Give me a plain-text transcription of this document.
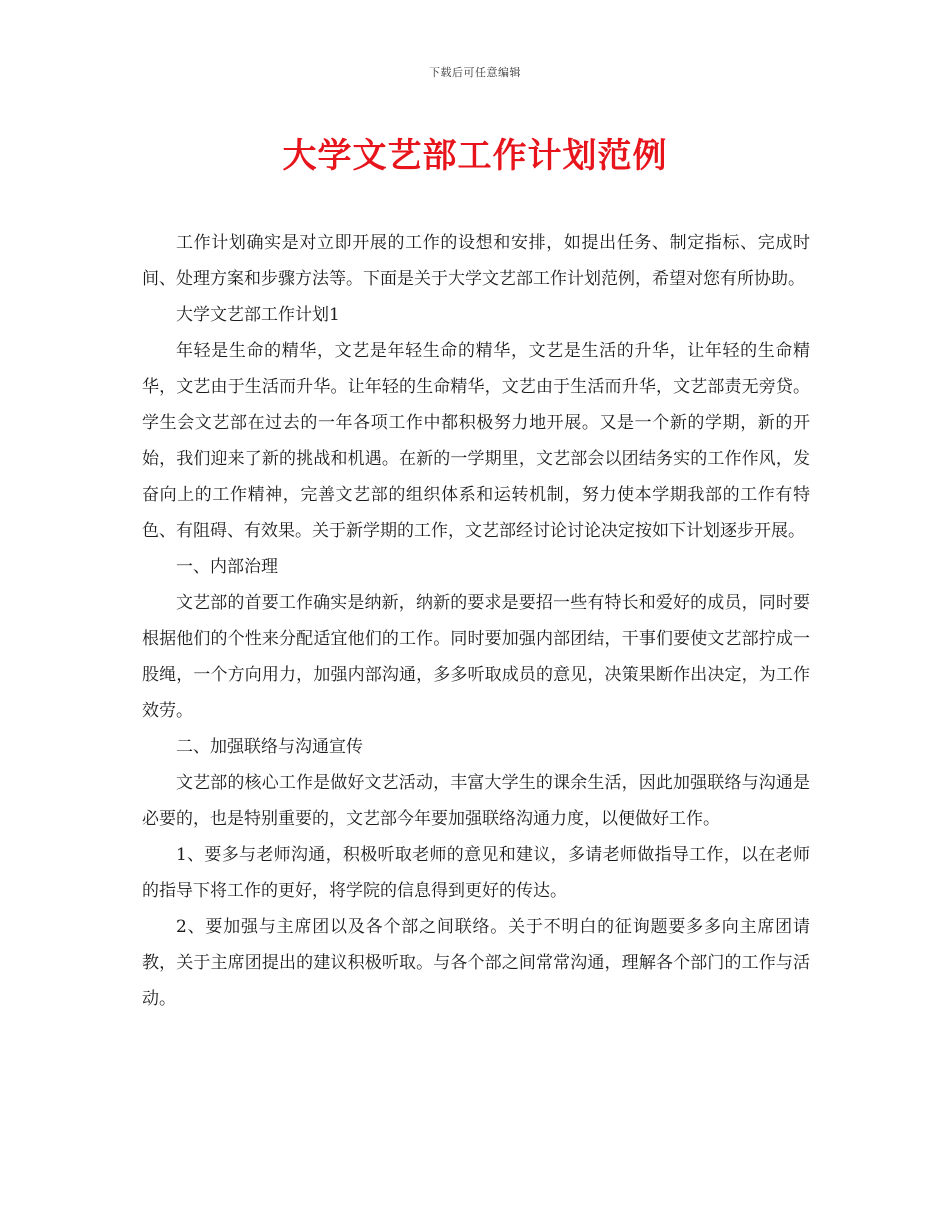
下载后可任意编辑
大学文艺部工作计划范例

工作计划确实是对立即开展的工作的设想和安排，如提出任务、制定指标、完成时间、处理方案和步骤方法等。下面是关于大学文艺部工作计划范例，希望对您有所协助。

大学文艺部工作计划1

年轻是生命的精华，文艺是年轻生命的精华，文艺是生活的升华，让年轻的生命精华，文艺由于生活而升华。让年轻的生命精华，文艺由于生活而升华，文艺部责无旁贷。学生会文艺部在过去的一年各项工作中都积极努力地开展。又是一个新的学期，新的开始，我们迎来了新的挑战和机遇。在新的一学期里，文艺部会以团结务实的工作作风，发奋向上的工作精神，完善文艺部的组织体系和运转机制，努力使本学期我部的工作有特色、有阻碍、有效果。关于新学期的工作，文艺部经讨论讨论决定按如下计划逐步开展。

一、内部治理

文艺部的首要工作确实是纳新，纳新的要求是要招一些有特长和爱好的成员，同时要根据他们的个性来分配适宜他们的工作。同时要加强内部团结，干事们要使文艺部拧成一股绳，一个方向用力，加强内部沟通，多多听取成员的意见，决策果断作出决定，为工作效劳。

二、加强联络与沟通宣传

文艺部的核心工作是做好文艺活动，丰富大学生的课余生活，因此加强联络与沟通是必要的，也是特别重要的，文艺部今年要加强联络沟通力度，以便做好工作。

1、要多与老师沟通，积极听取老师的意见和建议，多请老师做指导工作，以在老师的指导下将工作的更好，将学院的信息得到更好的传达。

2、要加强与主席团以及各个部之间联络。关于不明白的征询题要多多向主席团请教，关于主席团提出的建议积极听取。与各个部之间常常沟通，理解各个部门的工作与活动。
